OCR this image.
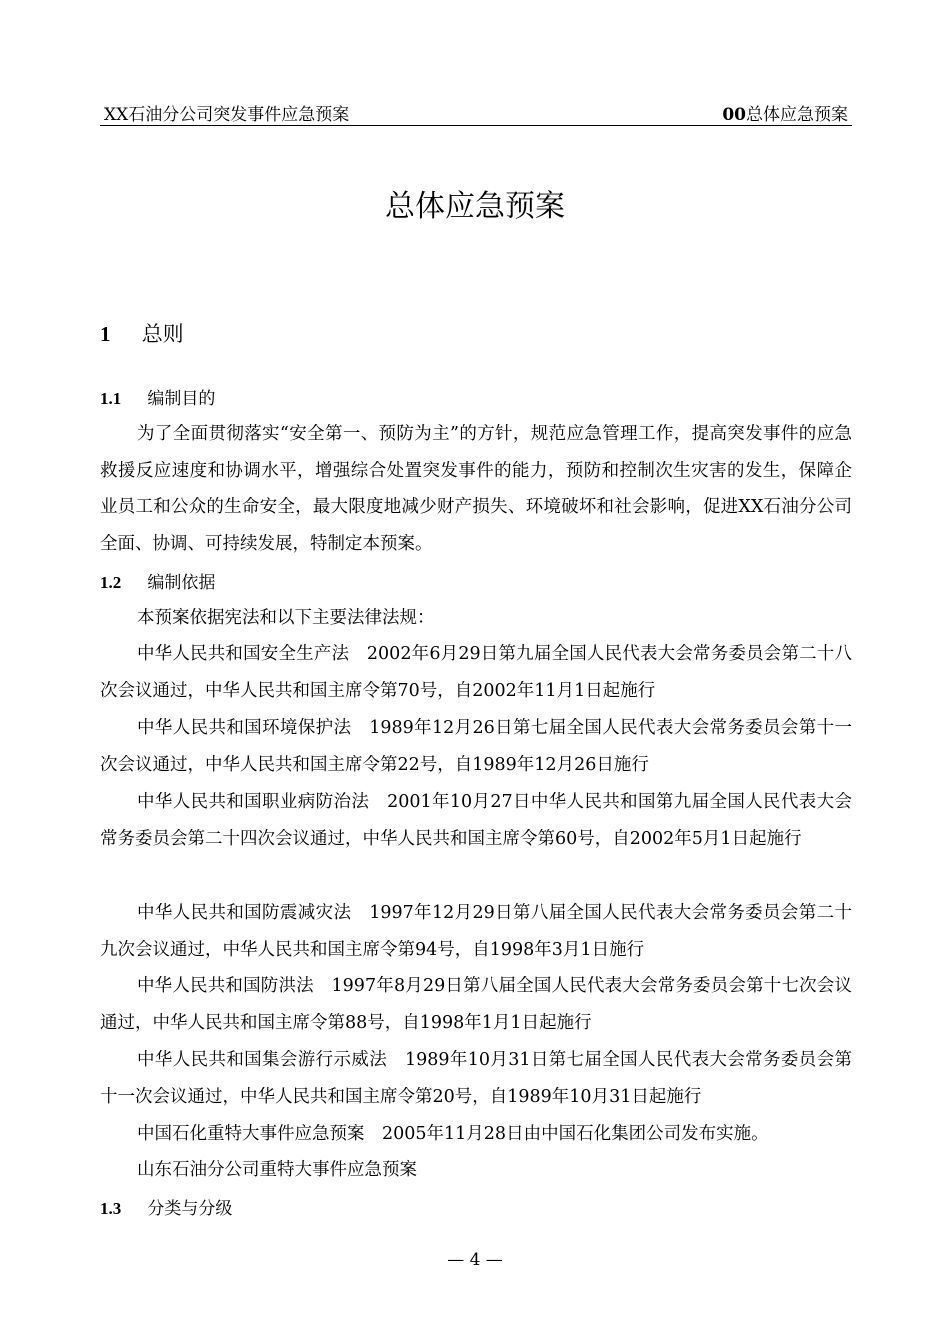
XX石油分公司突发事件应急预案	00总体应急预案
总体应急预案
1 总则
1.1 编制目的

为了全面贯彻落实“安全第一、预防为主”的方针，规范应急管理工作，提高突发事件的应急救援反应速度和协调水平，增强综合处置突发事件的能力，预防和控制次生灾害的发生，保障企业员工和公众的生命安全，最大限度地减少财产损失、环境破坏和社会影响，促进XX石油分公司全面、协调、可持续发展，特制定本预案。

1.2 编制依据

本预案依据宪法和以下主要法律法规：

中华人民共和国安全生产法　2002年6月29日第九届全国人民代表大会常务委员会第二十八次会议通过，中华人民共和国主席令第70号，自2002年11月1日起施行

中华人民共和国环境保护法　1989年12月26日第七届全国人民代表大会常务委员会第十一次会议通过，中华人民共和国主席令第22号，自1989年12月26日施行

中华人民共和国职业病防治法　2001年10月27日中华人民共和国第九届全国人民代表大会常务委员会第二十四次会议通过，中华人民共和国主席令第60号，自2002年5月1日起施行

中华人民共和国防震减灾法　1997年12月29日第八届全国人民代表大会常务委员会第二十九次会议通过，中华人民共和国主席令第94号，自1998年3月1日施行

中华人民共和国防洪法　1997年8月29日第八届全国人民代表大会常务委员会第十七次会议通过，中华人民共和国主席令第88号，自1998年1月1日起施行

中华人民共和国集会游行示威法　1989年10月31日第七届全国人民代表大会常务委员会第十一次会议通过，中华人民共和国主席令第20号，自1989年10月31日起施行

中国石化重特大事件应急预案　2005年11月28日由中国石化集团公司发布实施。

山东石油分公司重特大事件应急预案

1.3 分类与分级
— 4 —
